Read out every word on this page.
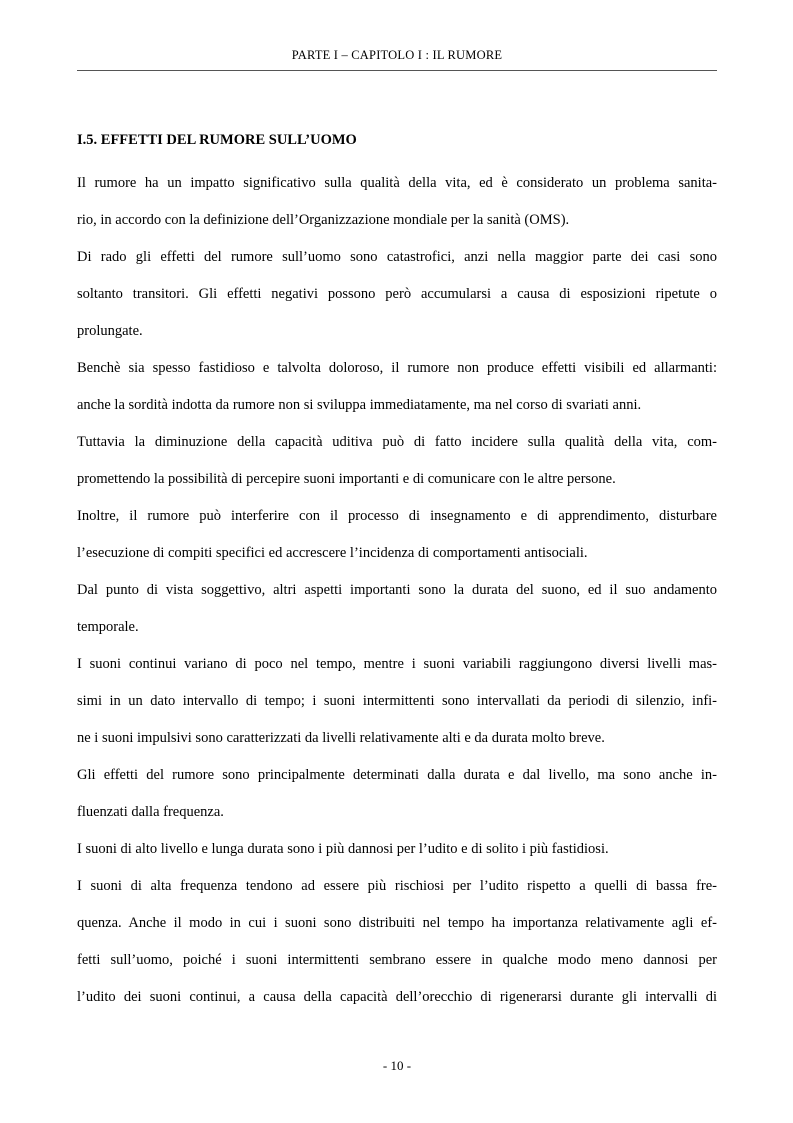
PARTE I – CAPITOLO I : IL RUMORE
I.5. EFFETTI DEL RUMORE SULL’UOMO
Il rumore ha un impatto significativo sulla qualità della vita, ed è considerato un problema sanita-
rio, in accordo con la definizione dell’Organizzazione mondiale per la sanità (OMS).
Di rado gli effetti del rumore sull’uomo sono catastrofici, anzi nella maggior parte dei casi sono
soltanto transitori. Gli effetti negativi possono però accumularsi a causa di esposizioni ripetute o
prolungate.
Benchè sia spesso fastidioso e talvolta doloroso, il rumore non produce effetti visibili ed allarmanti:
anche la sordità indotta da rumore non si sviluppa immediatamente, ma nel corso di svariati anni.
Tuttavia la diminuzione della capacità uditiva può di fatto incidere sulla qualità della vita, com-
promettendo la possibilità di percepire suoni importanti e di comunicare con le altre persone.
Inoltre, il rumore può interferire con il processo di insegnamento e di apprendimento, disturbare
l’esecuzione di compiti specifici ed accrescere l’incidenza di comportamenti antisociali.
Dal punto di vista soggettivo, altri aspetti importanti sono la durata del suono, ed il suo andamento
temporale.
I suoni continui variano di poco nel tempo, mentre i suoni variabili raggiungono diversi livelli mas-
simi in un dato intervallo di tempo; i suoni intermittenti sono intervallati da periodi di silenzio, infi-
ne i suoni impulsivi sono caratterizzati da livelli relativamente alti e da durata molto breve.
Gli effetti del rumore sono principalmente determinati dalla durata e dal livello, ma sono anche in-
fluenzati dalla frequenza.
I suoni di alto livello e lunga durata sono i più dannosi per l’udito e di solito i più fastidiosi.
I suoni di alta frequenza tendono ad essere più rischiosi per l’udito rispetto a quelli di bassa fre-
quenza. Anche il modo in cui i suoni sono distribuiti nel tempo ha importanza relativamente agli ef-
fetti sull’uomo, poiché i suoni intermittenti sembrano essere in qualche modo meno dannosi per
l’udito dei suoni continui, a causa della capacità dell’orecchio di rigenerarsi durante gli intervalli di
- 10 -
